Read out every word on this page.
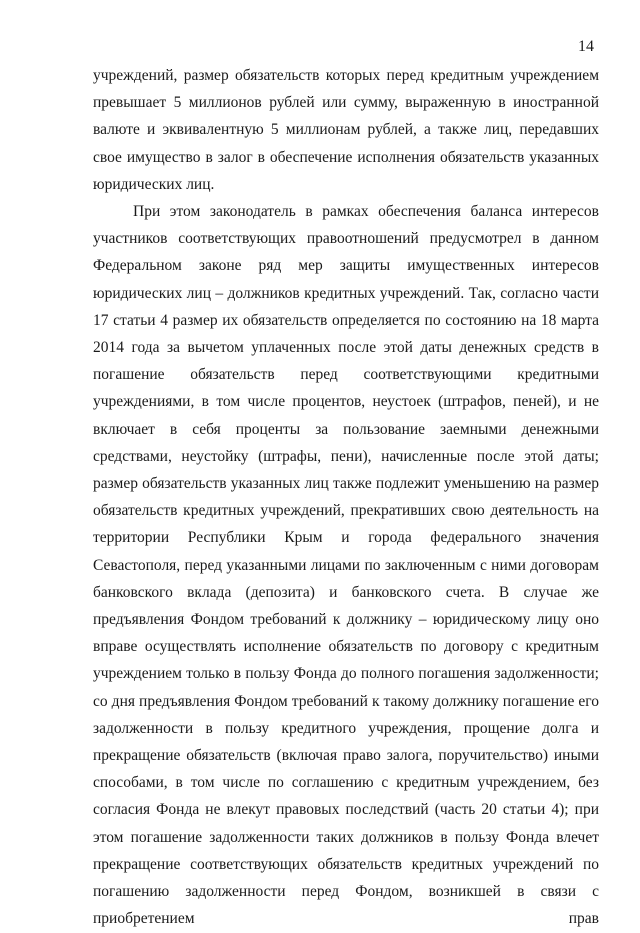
14

учреждений, размер обязательств которых перед кредитным учреждением превышает 5 миллионов рублей или сумму, выраженную в иностранной валюте и эквивалентную 5 миллионам рублей, а также лиц, передавших свое имущество в залог в обеспечение исполнения обязательств указанных юридических лиц.

При этом законодатель в рамках обеспечения баланса интересов участников соответствующих правоотношений предусмотрел в данном Федеральном законе ряд мер защиты имущественных интересов юридических лиц – должников кредитных учреждений. Так, согласно части 17 статьи 4 размер их обязательств определяется по состоянию на 18 марта 2014 года за вычетом уплаченных после этой даты денежных средств в погашение обязательств перед соответствующими кредитными учреждениями, в том числе процентов, неустоек (штрафов, пеней), и не включает в себя проценты за пользование заемными денежными средствами, неустойку (штрафы, пени), начисленные после этой даты; размер обязательств указанных лиц также подлежит уменьшению на размер обязательств кредитных учреждений, прекративших свою деятельность на территории Республики Крым и города федерального значения Севастополя, перед указанными лицами по заключенным с ними договорам банковского вклада (депозита) и банковского счета. В случае же предъявления Фондом требований к должнику – юридическому лицу оно вправе осуществлять исполнение обязательств по договору с кредитным учреждением только в пользу Фонда до полного погашения задолженности; со дня предъявления Фондом требований к такому должнику погашение его задолженности в пользу кредитного учреждения, прощение долга и прекращение обязательств (включая право залога, поручительство) иными способами, в том числе по соглашению с кредитным учреждением, без согласия Фонда не влекут правовых последствий (часть 20 статьи 4); при этом погашение задолженности таких должников в пользу Фонда влечет прекращение соответствующих обязательств кредитных учреждений по погашению задолженности перед Фондом, возникшей в связи с приобретением прав
